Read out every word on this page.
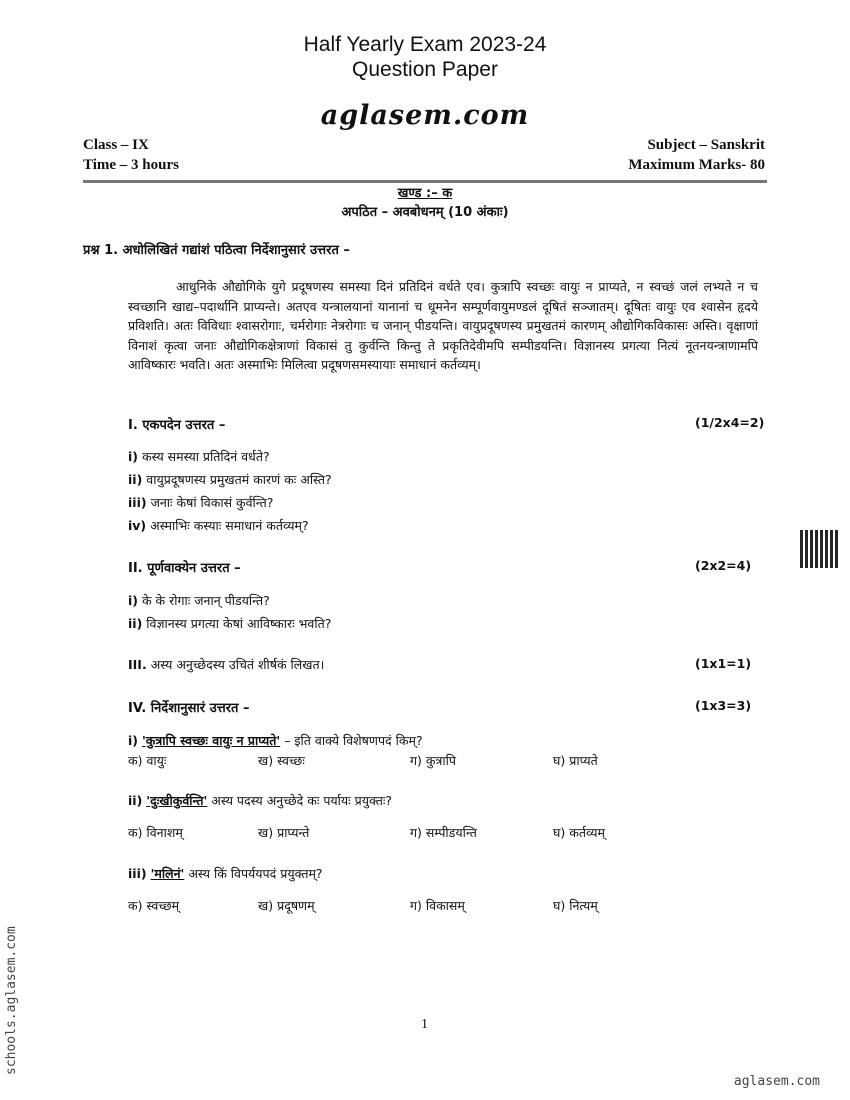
Half Yearly Exam 2023-24
Question Paper
aglasem.com
Class – IX
Time – 3 hours
Subject – Sanskrit
Maximum Marks- 80
खण्ड :– क
अपठित – अवबोधनम् (10 अंकाः)
प्रश्न 1. अधोलिखितं गद्यांशं पठित्वा निर्देशानुसारं उत्तरत –
आधुनिके औद्योगिके युगे प्रदूषणस्य समस्या दिनं प्रतिदिनं वर्धते एव। कुत्रापि स्वच्छः वायुः न प्राप्यते, न स्वच्छं जलं लभ्यते न च स्वच्छानि खाद्य–पदार्थानि प्राप्यन्ते। अतएव यन्त्रालयानां यानानां च धूमनेन सम्पूर्णवायुमण्डलं दूषितं सञ्जातम्। दूषितः वायुः एव श्वासेन हृदये प्रविशति। अतः विविधाः श्वासरोगाः, चर्मरोगाः नेत्ररोगाः च जनान् पीडयन्ति। वायुप्रदूषणस्य प्रमुखतमं कारणम् औद्योगिकविकासः अस्ति। वृक्षाणां विनाशं कृत्वा जनाः औद्योगिकक्षेत्राणां विकासं तु कुर्वन्ति किन्तु ते प्रकृतिदेवीमपि सम्पीडयन्ति। विज्ञानस्य प्रगत्या नित्यं नूतनयन्त्राणामपि आविष्कारः भवति। अतः अस्माभिः मिलित्वा प्रदूषणसमस्यायाः समाधानं कर्तव्यम्।
I. एकपदेन उत्तरत –	(1/2x4=2)
i) कस्य समस्या प्रतिदिनं वर्धते?
ii) वायुप्रदूषणस्य प्रमुखतमं कारणं कः अस्ति?
iii) जनाः केषां विकासं कुर्वन्ति?
iv) अस्माभिः कस्याः समाधानं कर्तव्यम्?
II. पूर्णवाक्येन उत्तरत –	(2x2=4)
i) के के रोगाः जनान् पीडयन्ति?
ii) विज्ञानस्य प्रगत्या केषां आविष्कारः भवति?
III. अस्य अनुच्छेदस्य उचितं शीर्षकं लिखत।	(1x1=1)
IV. निर्देशानुसारं उत्तरत –	(1x3=3)
i) 'कुत्रापि स्वच्छः वायुः न प्राप्यते' – इति वाक्ये विशेषणपदं किम्?
क) वायुः	ख) स्वच्छः	ग) कुत्रापि	घ) प्राप्यते
ii) 'दुःखीकुर्वन्ति' अस्य पदस्य अनुच्छेदे कः पर्यायः प्रयुक्तः?
क) विनाशम्	ख) प्राप्यन्ते	ग) सम्पीडयन्ति	घ) कर्तव्यम्
iii) 'मलिनं' अस्य किं विपर्ययपदं प्रयुक्तम्?
क) स्वच्छम्	ख) प्रदूषणम्	ग) विकासम्	घ) नित्यम्
1
schools.aglasem.com
aglasem.com
